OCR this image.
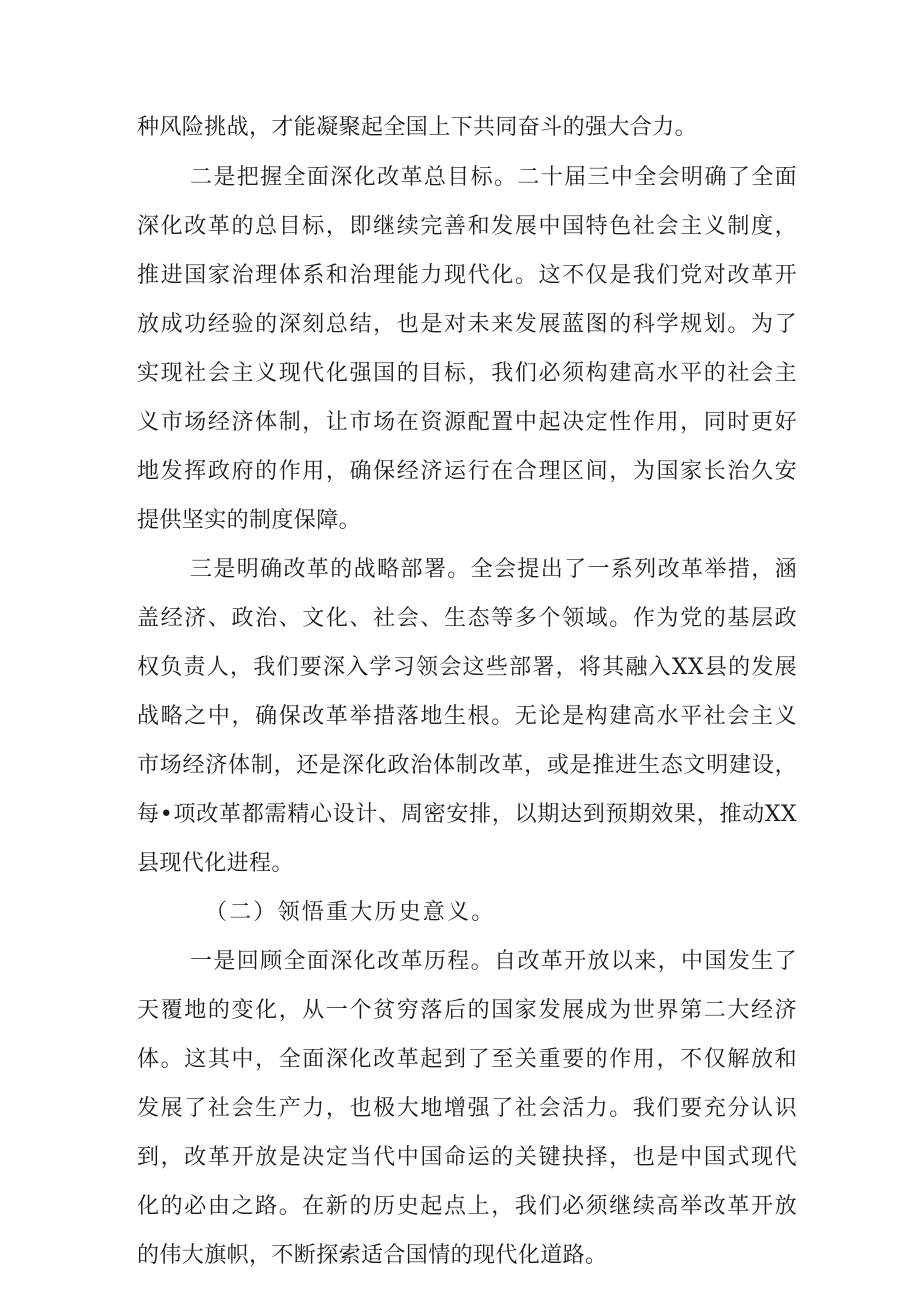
种风险挑战，才能凝聚起全国上下共同奋斗的强大合力。
二是把握全面深化改革总目标。二十届三中全会明确了全面
深化改革的总目标，即继续完善和发展中国特色社会主义制度，
推进国家治理体系和治理能力现代化。这不仅是我们党对改革开
放成功经验的深刻总结，也是对未来发展蓝图的科学规划。为了
实现社会主义现代化强国的目标，我们必须构建高水平的社会主
义市场经济体制，让市场在资源配置中起决定性作用，同时更好
地发挥政府的作用，确保经济运行在合理区间，为国家长治久安
提供坚实的制度保障。
三是明确改革的战略部署。全会提出了一系列改革举措，涵
盖经济、政治、文化、社会、生态等多个领域。作为党的基层政
权负责人，我们要深入学习领会这些部署，将其融入XX县的发展
战略之中，确保改革举措落地生根。无论是构建高水平社会主义
市场经济体制，还是深化政治体制改革，或是推进生态文明建设，
每•项改革都需精心设计、周密安排，以期达到预期效果，推动XX
县现代化进程。
（二）领悟重大历史意义。
一是回顾全面深化改革历程。自改革开放以来，中国发生了
天覆地的变化，从一个贫穷落后的国家发展成为世界第二大经济
体。这其中，全面深化改革起到了至关重要的作用，不仅解放和
发展了社会生产力，也极大地增强了社会活力。我们要充分认识
到，改革开放是决定当代中国命运的关键抉择，也是中国式现代
化的必由之路。在新的历史起点上，我们必须继续高举改革开放
的伟大旗帜，不断探索适合国情的现代化道路。
